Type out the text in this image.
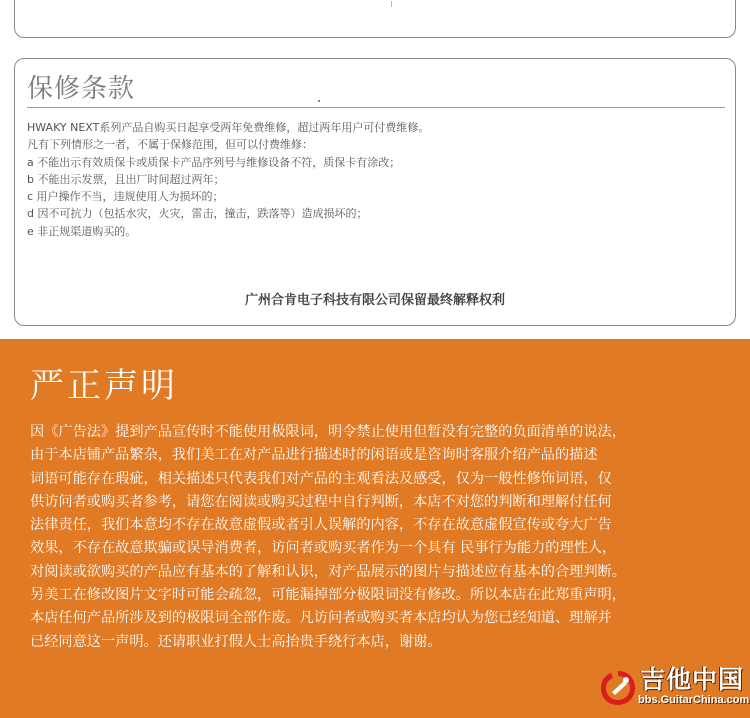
保修条款
HWAKY NEXT系列产品自购买日起享受两年免费维修，超过两年用户可付费维修。
凡有下列情形之一者，不属于保修范围，但可以付费维修：
a 不能出示有效质保卡或质保卡产品序列号与维修设备不符，质保卡有涂改；
b 不能出示发票，且出厂时间超过两年；
c 用户操作不当，违规使用人为损坏的；
d 因不可抗力（包括水灾，火灾，雷击，撞击，跌落等）造成损坏的；
e 非正规渠道购买的。
广州合肯电子科技有限公司保留最终解释权利
严正声明
因《广告法》提到产品宣传时不能使用极限词，明令禁止使用但暂没有完整的负面清单的说法，
由于本店铺产品繁杂，我们美工在对产品进行描述时的闲语或是咨询时客服介绍产品的描述
词语可能存在瑕疵，相关描述只代表我们对产品的主观看法及感受，仅为一般性修饰词语，仅
供访问者或购买者参考，请您在阅读或购买过程中自行判断，本店不对您的判断和理解付任何
法律责任，我们本意均不存在故意虚假或者引人误解的内容，不存在故意虚假宣传或夸大广告
效果，不存在故意欺骗或误导消费者，访问者或购买者作为一个具有 民事行为能力的理性人，
对阅读或欲购买的产品应有基本的了解和认识，对产品展示的图片与描述应有基本的合理判断。
另美工在修改图片文字时可能会疏忽，可能漏掉部分极限词没有修改。所以本店在此郑重声明，
本店任何产品所涉及到的极限词全部作废。凡访问者或购买者本店均认为您已经知道、理解并
已经同意这一声明。还请职业打假人士高抬贵手绕行本店，谢谢。
吉他中国
bbs.GuitarChina.com
